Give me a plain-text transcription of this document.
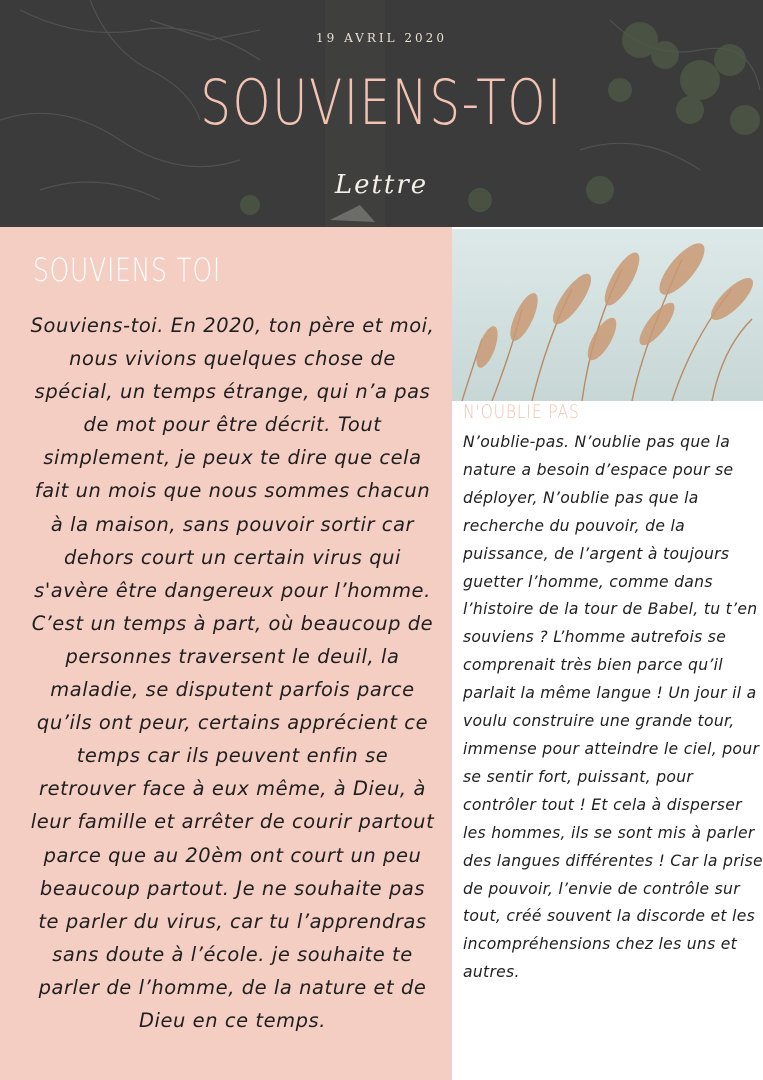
19 AVRIL 2020
SOUVIENS-TOI
Lettre
SOUVIENS TOI
Souviens-toi. En 2020, ton père et moi, nous vivions quelques chose de spécial, un temps étrange, qui n’a pas de mot pour être décrit. Tout simplement, je peux te dire que cela fait un mois que nous sommes chacun à la maison, sans pouvoir sortir car dehors court un certain virus qui s'avère être dangereux pour l’homme. C’est un temps à part, où beaucoup de personnes traversent le deuil, la maladie, se disputent parfois parce qu’ils ont peur, certains apprécient ce temps car ils peuvent enfin se retrouver face à eux même, à Dieu, à leur famille et arrêter de courir partout parce que au 20èm ont court un peu beaucoup partout. Je ne souhaite pas te parler du virus, car tu l’apprendras sans doute à l’école. je souhaite te parler de l’homme, de la nature et de Dieu en ce temps.
N'OUBLIE PAS
N’oublie-pas. N’oublie pas que la nature a besoin d’espace pour se déployer, N’oublie pas que la recherche du pouvoir, de la puissance, de l’argent à toujours guetter l’homme, comme dans l’histoire de la tour de Babel, tu t’en souviens ? L’homme autrefois se comprenait très bien parce qu’il parlait la même langue ! Un jour il a voulu construire une grande tour, immense pour atteindre le ciel, pour se sentir fort, puissant, pour contrôler tout ! Et cela à disperser les hommes, ils se sont mis à parler des langues différentes ! Car la prise de pouvoir, l’envie de contrôle sur tout, créé souvent la discorde et les incompréhensions chez les uns et autres.
